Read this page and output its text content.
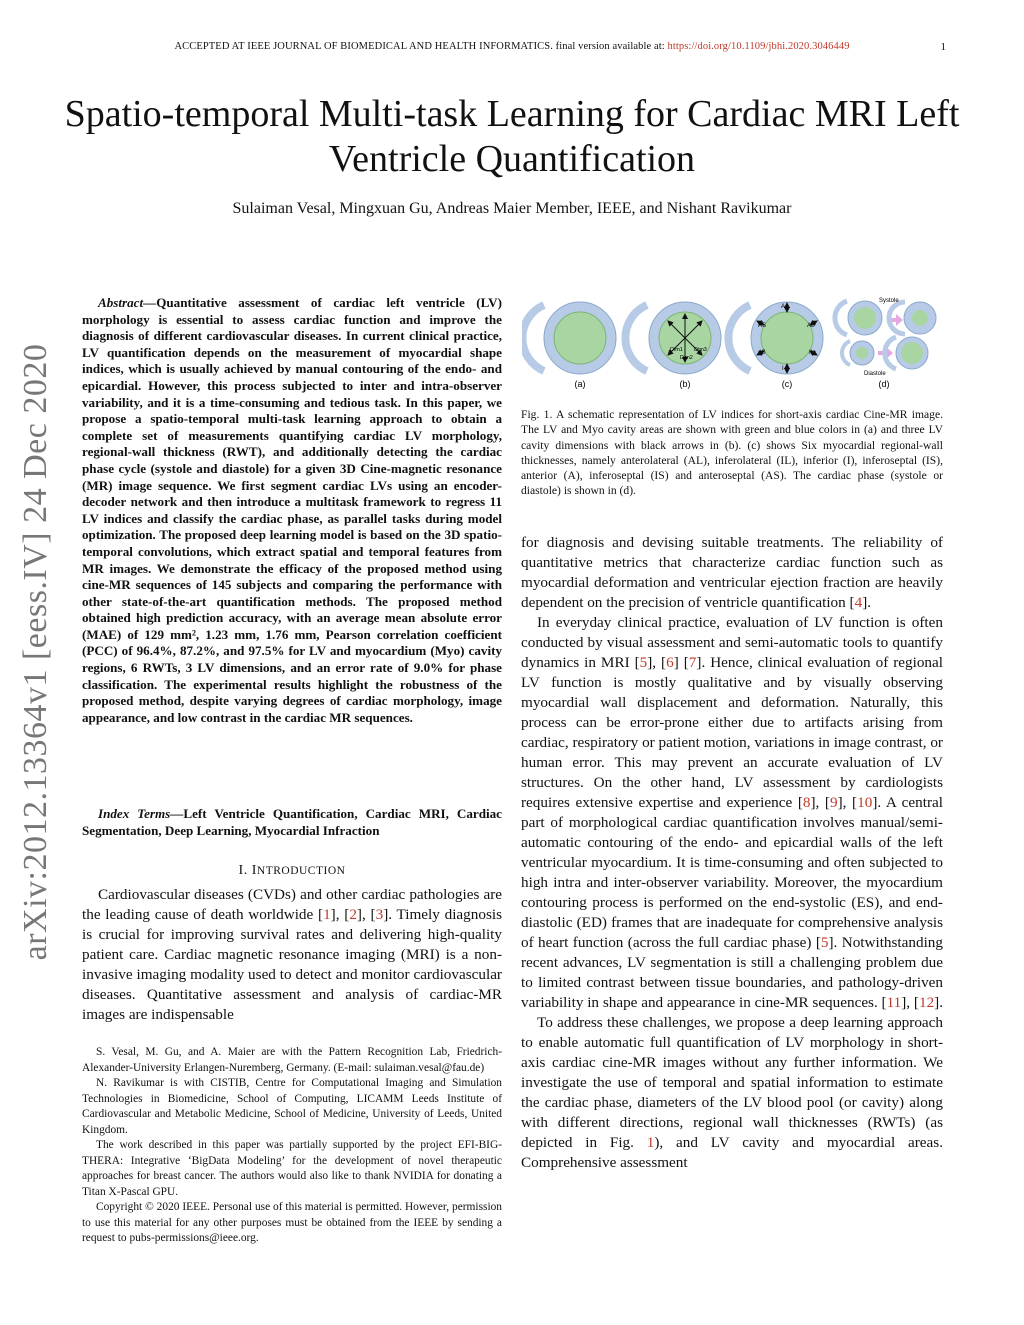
ACCEPTED AT IEEE JOURNAL OF BIOMEDICAL AND HEALTH INFORMATICS. final version available at: https://doi.org/10.1109/jbhi.2020.3046449	1
Spatio-temporal Multi-task Learning for Cardiac MRI Left Ventricle Quantification
Sulaiman Vesal, Mingxuan Gu, Andreas Maier Member, IEEE, and Nishant Ravikumar
arXiv:2012.13364v1 [eess.IV] 24 Dec 2020
Abstract—Quantitative assessment of cardiac left ventricle (LV) morphology is essential to assess cardiac function and improve the diagnosis of different cardiovascular diseases. In current clinical practice, LV quantification depends on the measurement of myocardial shape indices, which is usually achieved by manual contouring of the endo- and epicardial. However, this process subjected to inter and intra-observer variability, and it is a time-consuming and tedious task. In this paper, we propose a spatio-temporal multi-task learning approach to obtain a complete set of measurements quantifying cardiac LV morphology, regional-wall thickness (RWT), and additionally detecting the cardiac phase cycle (systole and diastole) for a given 3D Cine-magnetic resonance (MR) image sequence. We first segment cardiac LVs using an encoder-decoder network and then introduce a multitask framework to regress 11 LV indices and classify the cardiac phase, as parallel tasks during model optimization. The proposed deep learning model is based on the 3D spatio-temporal convolutions, which extract spatial and temporal features from MR images. We demonstrate the efficacy of the proposed method using cine-MR sequences of 145 subjects and comparing the performance with other state-of-the-art quantification methods. The proposed method obtained high prediction accuracy, with an average mean absolute error (MAE) of 129 mm², 1.23 mm, 1.76 mm, Pearson correlation coefficient (PCC) of 96.4%, 87.2%, and 97.5% for LV and myocardium (Myo) cavity regions, 6 RWTs, 3 LV dimensions, and an error rate of 9.0% for phase classification. The experimental results highlight the robustness of the proposed method, despite varying degrees of cardiac morphology, image appearance, and low contrast in the cardiac MR sequences.
Index Terms—Left Ventricle Quantification, Cardiac MRI, Cardiac Segmentation, Deep Learning, Myocardial Infraction
I. INTRODUCTION
Cardiovascular diseases (CVDs) and other cardiac pathologies are the leading cause of death worldwide [1], [2], [3]. Timely diagnosis is crucial for improving survival rates and delivering high-quality patient care. Cardiac magnetic resonance imaging (MRI) is a non-invasive imaging modality used to detect and monitor cardiovascular diseases. Quantitative assessment and analysis of cardiac-MR images are indispensable

S. Vesal, M. Gu, and A. Maier are with the Pattern Recognition Lab, Friedrich-Alexander-University Erlangen-Nuremberg, Germany. (E-mail: sulaiman.vesal@fau.de)

N. Ravikumar is with CISTIB, Centre for Computational Imaging and Simulation Technologies in Biomedicine, School of Computing, LICAMM Leeds Institute of Cardiovascular and Metabolic Medicine, School of Medicine, University of Leeds, United Kingdom.

The work described in this paper was partially supported by the project EFI-BIG-THERA: Integrative ‘BigData Modeling’ for the development of novel therapeutic approaches for breast cancer. The authors would also like to thank NVIDIA for donating a Titan X-Pascal GPU.

Copyright © 2020 IEEE. Personal use of this material is permitted. However, permission to use this material for any other purposes must be obtained from the IEEE by sending a request to pubs-permissions@ieee.org.

(a)
Dim1
Dim2
Dim3
(b)
A
AS	AL
IS	IL
I
(c)
Systole
Diastole
(d)
Fig. 1. A schematic representation of LV indices for short-axis cardiac Cine-MR image. The LV and Myo cavity areas are shown with green and blue colors in (a) and three LV cavity dimensions with black arrows in (b). (c) shows Six myocardial regional-wall thicknesses, namely anterolateral (AL), inferolateral (IL), inferior (I), inferoseptal (IS), anterior (A), inferoseptal (IS) and anteroseptal (AS). The cardiac phase (systole or diastole) is shown in (d).

for diagnosis and devising suitable treatments. The reliability of quantitative metrics that characterize cardiac function such as myocardial deformation and ventricular ejection fraction are heavily dependent on the precision of ventricle quantification [4].

In everyday clinical practice, evaluation of LV function is often conducted by visual assessment and semi-automatic tools to quantify dynamics in MRI [5], [6] [7]. Hence, clinical evaluation of regional LV function is mostly qualitative and by visually observing myocardial wall displacement and deformation. Naturally, this process can be error-prone either due to artifacts arising from cardiac, respiratory or patient motion, variations in image contrast, or human error. This may prevent an accurate evaluation of LV structures. On the other hand, LV assessment by cardiologists requires extensive expertise and experience [8], [9], [10]. A central part of morphological cardiac quantification involves manual/semi-automatic contouring of the endo- and epicardial walls of the left ventricular myocardium. It is time-consuming and often subjected to high intra and inter-observer variability. Moreover, the myocardium contouring process is performed on the end-systolic (ES), and end-diastolic (ED) frames that are inadequate for comprehensive analysis of heart function (across the full cardiac phase) [5]. Notwithstanding recent advances, LV segmentation is still a challenging problem due to limited contrast between tissue boundaries, and pathology-driven variability in shape and appearance in cine-MR sequences. [11], [12].

To address these challenges, we propose a deep learning approach to enable automatic full quantification of LV morphology in short-axis cardiac cine-MR images without any further information. We investigate the use of temporal and spatial information to estimate the cardiac phase, diameters of the LV blood pool (or cavity) along with different directions, regional wall thicknesses (RWTs) (as depicted in Fig. 1), and LV cavity and myocardial areas. Comprehensive assessment
